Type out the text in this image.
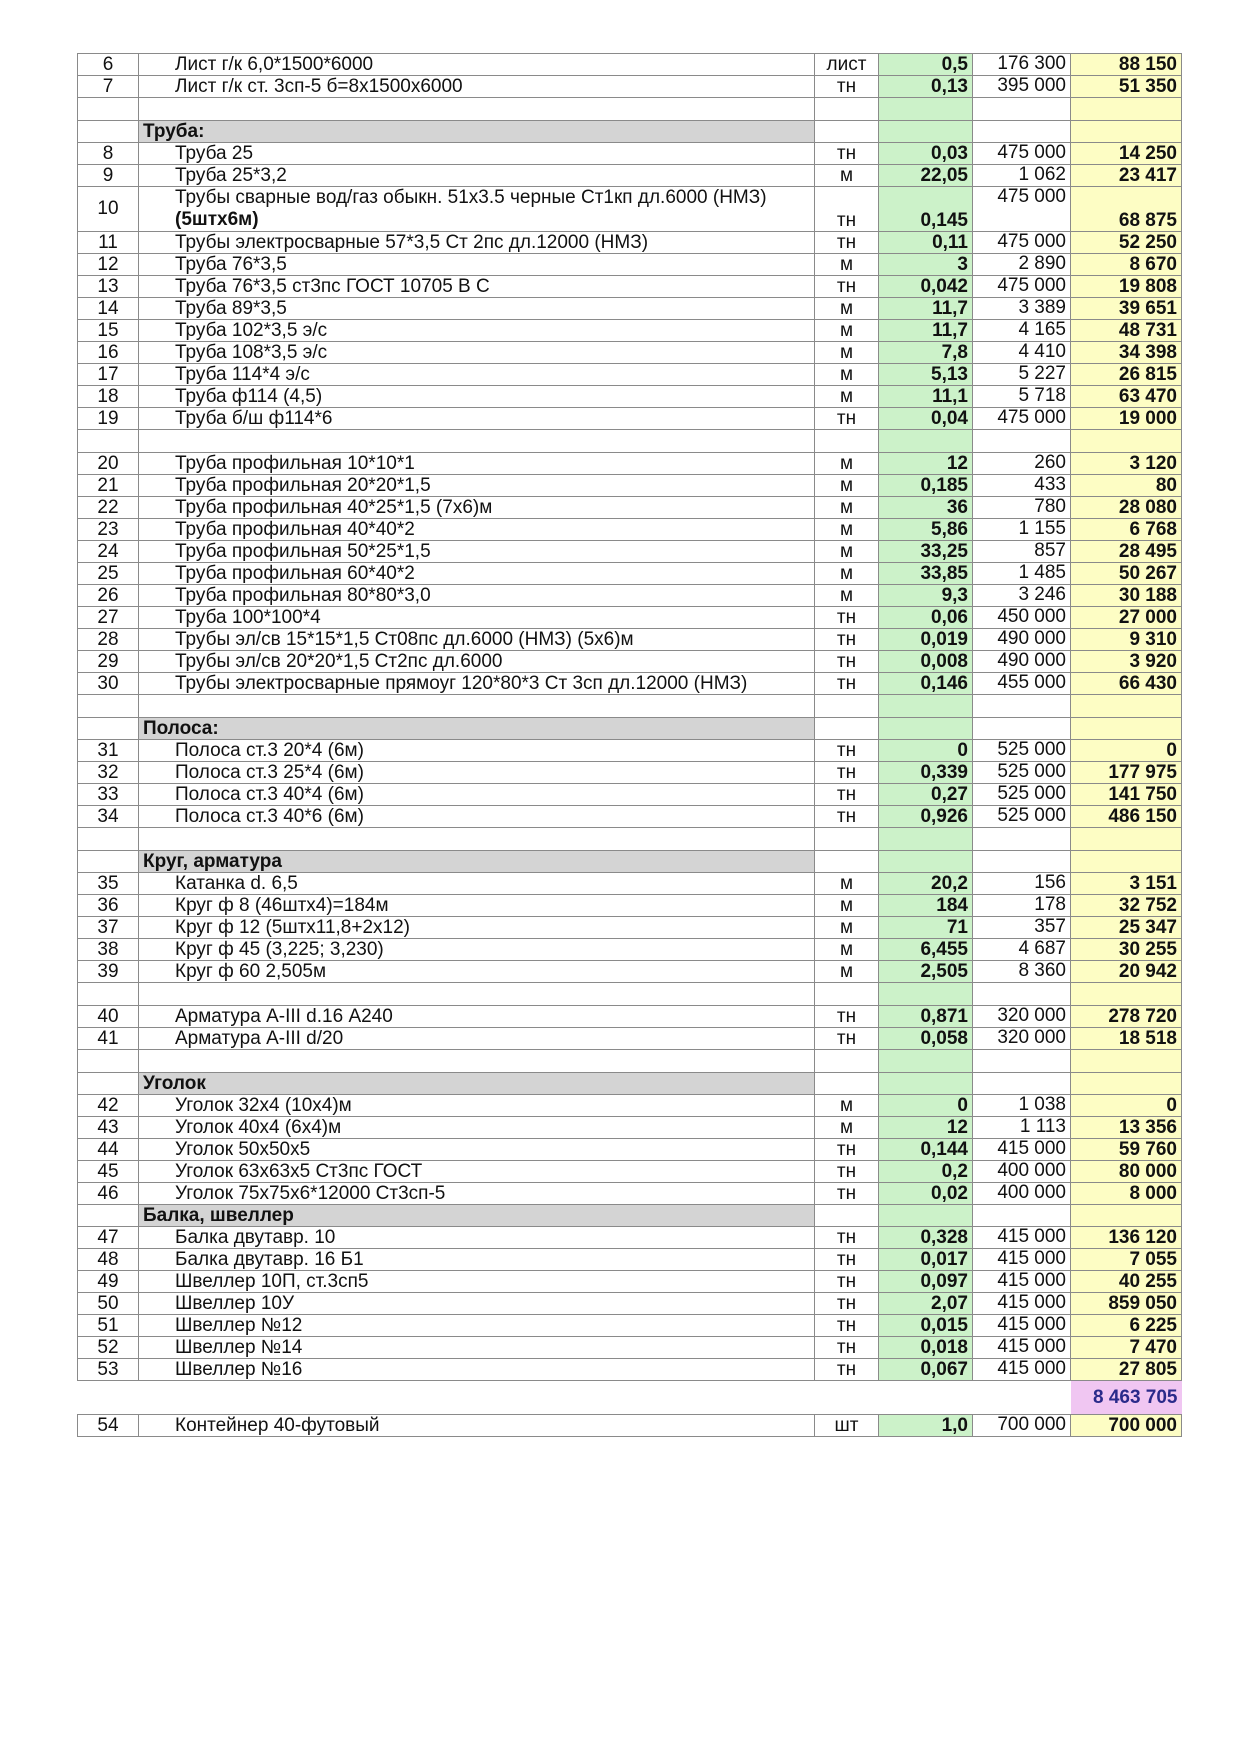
6	Лист г/к 6,0*1500*6000	лист	0,5	176 300	88 150
7	Лист г/к ст. 3сп-5 б=8х1500х6000	тн	0,13	395 000	51 350

	Труба:				
8	Труба 25	тн	0,03	475 000	14 250
9	Труба 25*3,2	м	22,05	1 062	23 417
10	Трубы сварные вод/газ обыкн. 51х3.5 черные Ст1кп дл.6000 (НМЗ)
(5штх6м)	тн	0,145	475 000	68 875
11	Трубы электросварные 57*3,5 Ст 2пс дл.12000 (НМЗ)	тн	0,11	475 000	52 250
12	Труба 76*3,5	м	3	2 890	8 670
13	Труба 76*3,5 ст3пс ГОСТ 10705 В С	тн	0,042	475 000	19 808
14	Труба 89*3,5	м	11,7	3 389	39 651
15	Труба 102*3,5 э/с	м	11,7	4 165	48 731
16	Труба 108*3,5 э/с	м	7,8	4 410	34 398
17	Труба 114*4 э/с	м	5,13	5 227	26 815
18	Труба ф114 (4,5)	м	11,1	5 718	63 470
19	Труба б/ш ф114*6	тн	0,04	475 000	19 000

20	Труба профильная 10*10*1	м	12	260	3 120
21	Труба профильная 20*20*1,5	м	0,185	433	80
22	Труба профильная 40*25*1,5 (7х6)м	м	36	780	28 080
23	Труба профильная 40*40*2	м	5,86	1 155	6 768
24	Труба профильная 50*25*1,5	м	33,25	857	28 495
25	Труба профильная 60*40*2	м	33,85	1 485	50 267
26	Труба профильная 80*80*3,0	м	9,3	3 246	30 188
27	Труба 100*100*4	тн	0,06	450 000	27 000
28	Трубы эл/св 15*15*1,5 Ст08пс дл.6000 (НМЗ) (5х6)м	тн	0,019	490 000	9 310
29	Трубы эл/св 20*20*1,5 Ст2пс дл.6000	тн	0,008	490 000	3 920
30	Трубы электросварные прямоуг 120*80*3 Ст 3сп дл.12000 (НМЗ)	тн	0,146	455 000	66 430

	Полоса:				
31	Полоса ст.3 20*4 (6м)	тн	0	525 000	0
32	Полоса ст.3 25*4 (6м)	тн	0,339	525 000	177 975
33	Полоса ст.3 40*4 (6м)	тн	0,27	525 000	141 750
34	Полоса ст.3 40*6 (6м)	тн	0,926	525 000	486 150

	Круг, арматура				
35	Катанка d. 6,5	м	20,2	156	3 151
36	Круг ф 8 (46штх4)=184м	м	184	178	32 752
37	Круг ф 12 (5штх11,8+2х12)	м	71	357	25 347
38	Круг ф 45 (3,225; 3,230)	м	6,455	4 687	30 255
39	Круг ф 60 2,505м	м	2,505	8 360	20 942

40	Арматура А-III d.16 А240	тн	0,871	320 000	278 720
41	Арматура А-III d/20	тн	0,058	320 000	18 518

	Уголок				
42	Уголок 32х4 (10х4)м	м	0	1 038	0
43	Уголок 40х4 (6х4)м	м	12	1 113	13 356
44	Уголок 50х50х5	тн	0,144	415 000	59 760
45	Уголок 63х63х5 Ст3пс ГОСТ	тн	0,2	400 000	80 000
46	Уголок 75х75х6*12000 Ст3сп-5	тн	0,02	400 000	8 000
	Балка, швеллер				
47	Балка двутавр. 10	тн	0,328	415 000	136 120
48	Балка двутавр. 16 Б1	тн	0,017	415 000	7 055
49	Швеллер 10П, ст.3сп5	тн	0,097	415 000	40 255
50	Швеллер 10У	тн	2,07	415 000	859 050
51	Швеллер №12	тн	0,015	415 000	6 225
52	Швеллер №14	тн	0,018	415 000	7 470
53	Швеллер №16	тн	0,067	415 000	27 805
					8 463 705
54	Контейнер 40-футовый	шт	1,0	700 000	700 000
